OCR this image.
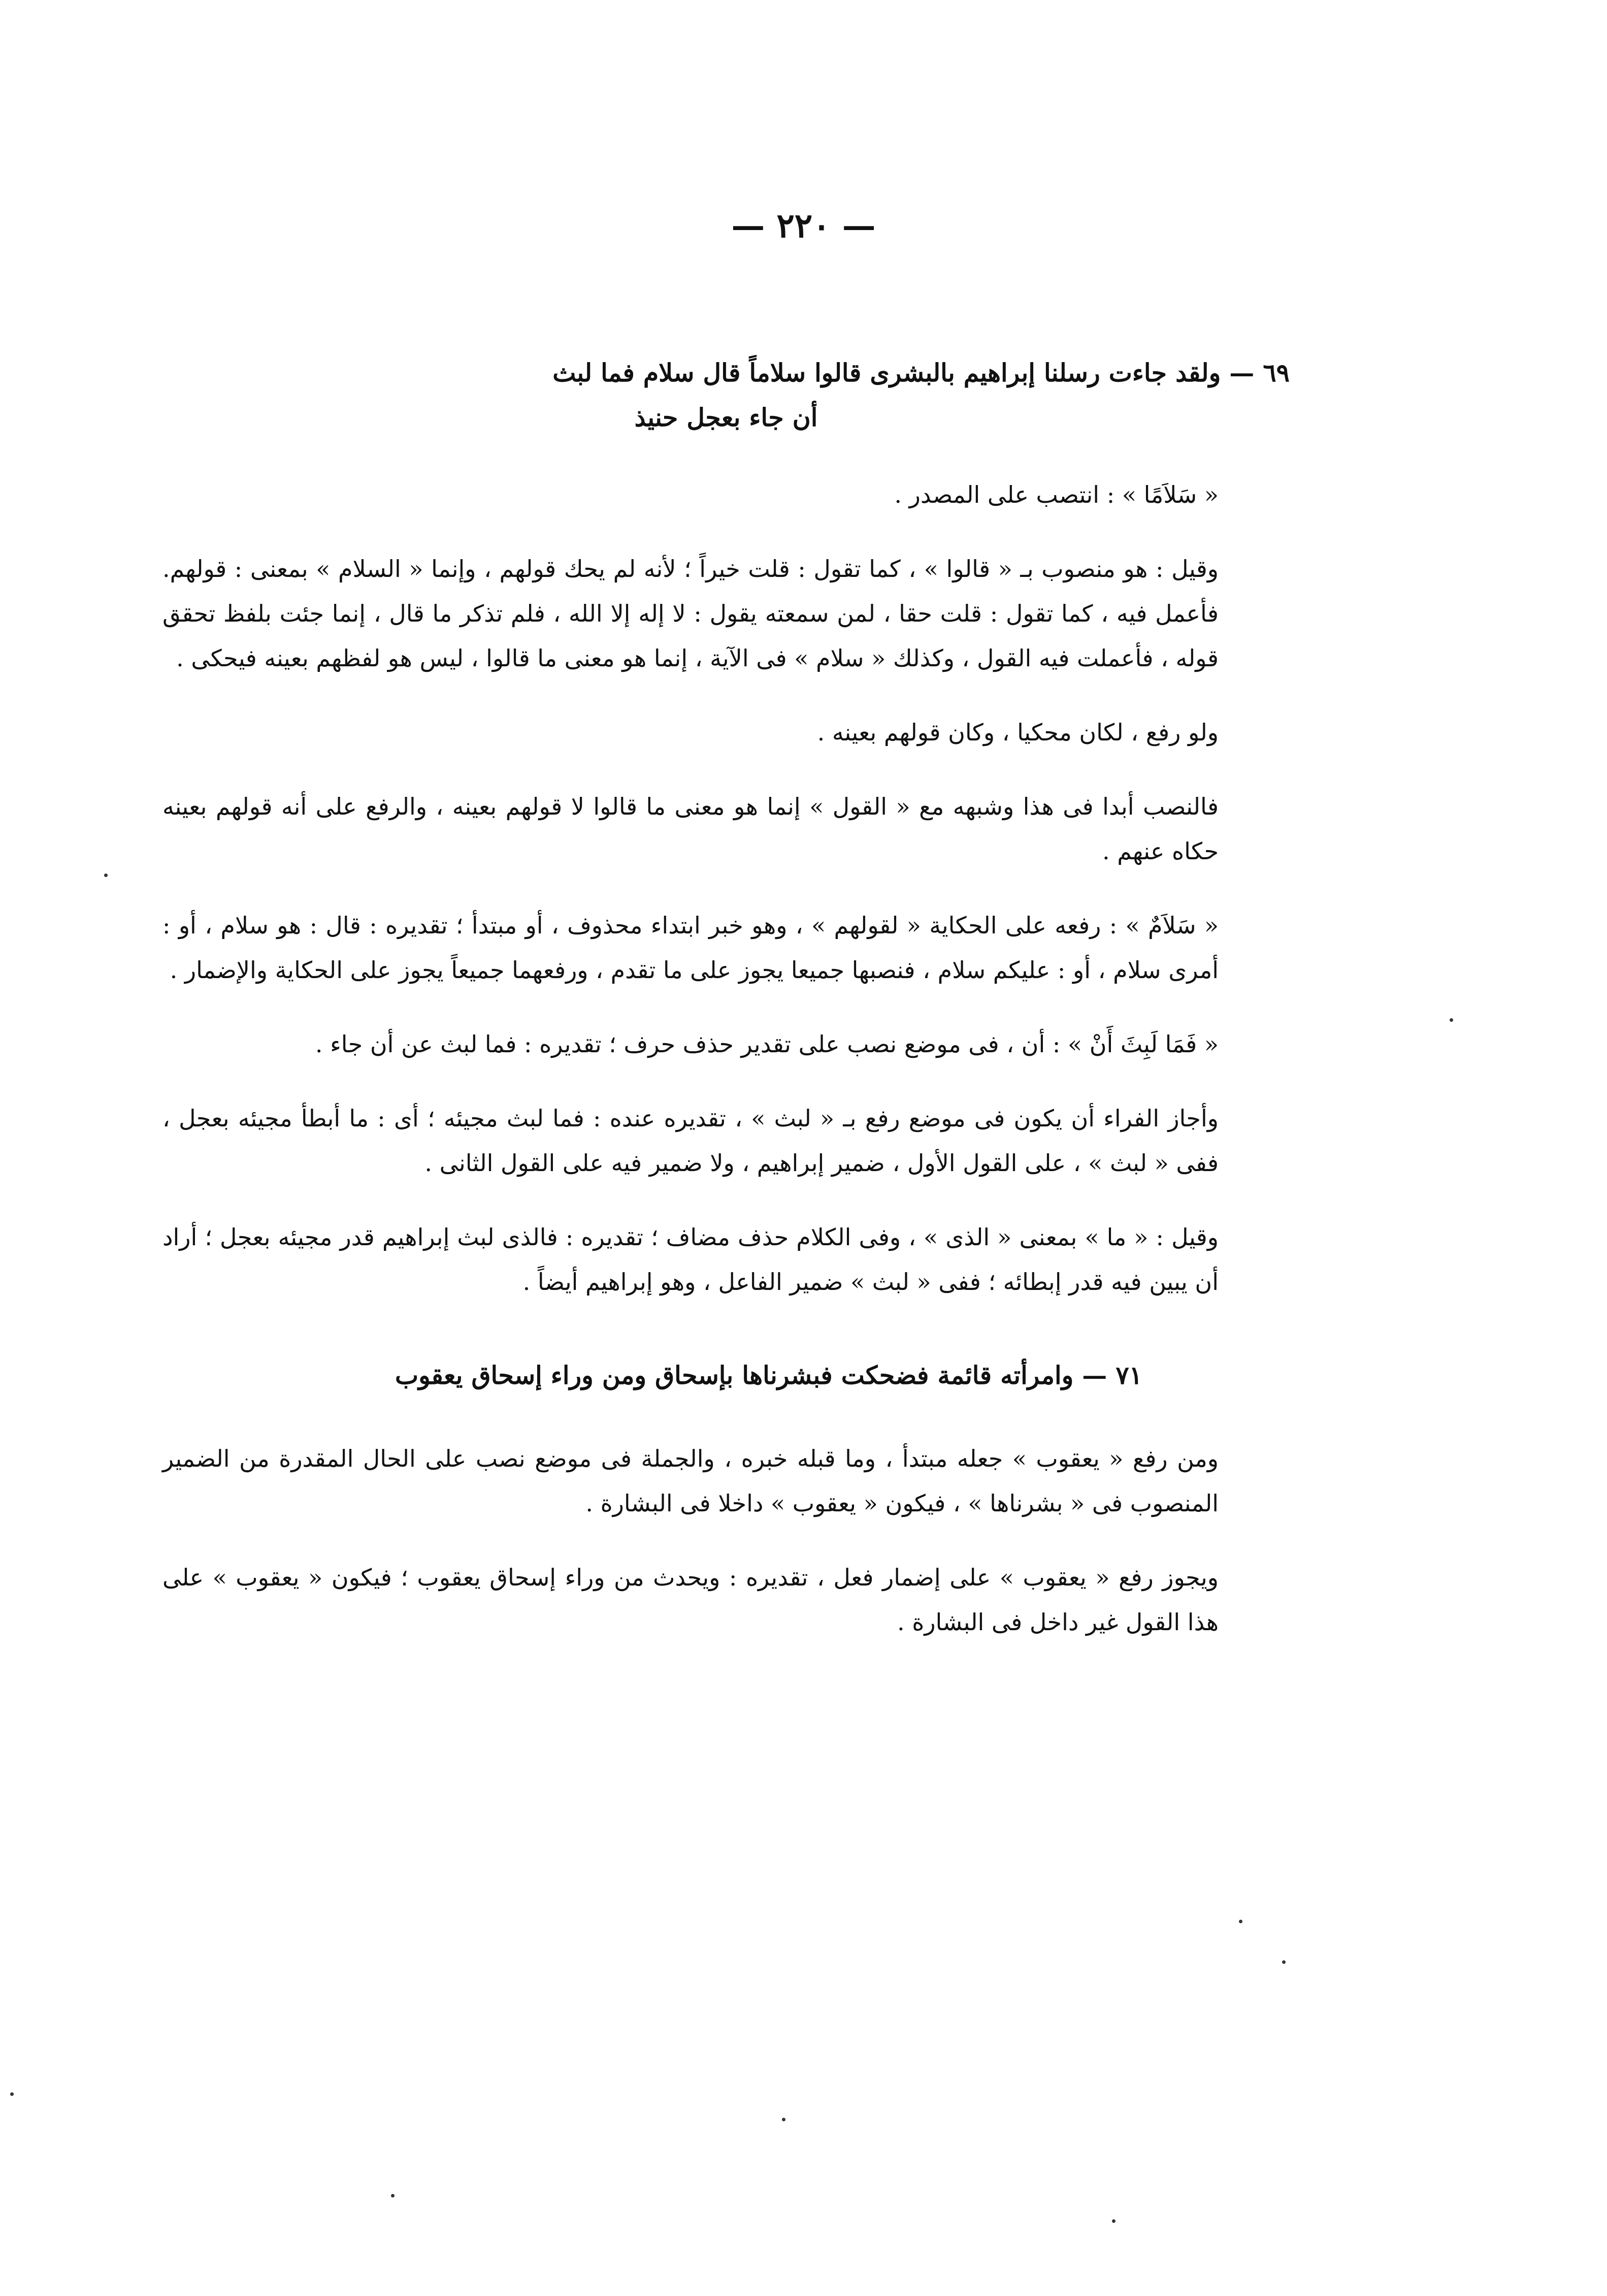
— ٢٢٠ —
٦٩ — ولقد جاءت رسلنا إبراهيم بالبشرى قالوا سلاماً قال سلام فما لبث
أن جاء بعجل حنيذ

« سَلاَمًا » : انتصب على المصدر .

وقيل : هو منصوب بـ « قالوا » ، كما تقول : قلت خيراً ؛ لأنه لم يحك قولهم ، وإنما « السلام » بمعنى : قولهم. فأعمل فيه ، كما تقول : قلت حقا ، لمن سمعته يقول : لا إله إلا الله ، فلم تذكر ما قال ، إنما جئت بلفظ تحقق قوله ، فأعملت فيه القول ، وكذلك « سلام » فى الآية ، إنما هو معنى ما قالوا ، ليس هو لفظهم بعينه فيحكى .

ولو رفع ، لكان محكيا ، وكان قولهم بعينه .

فالنصب أبدا فى هذا وشبهه مع « القول » إنما هو معنى ما قالوا لا قولهم بعينه ، والرفع على أنه قولهم بعينه حكاه عنهم .

« سَلاَمٌ » : رفعه على الحكاية « لقولهم » ، وهو خبر ابتداء محذوف ، أو مبتدأ ؛ تقديره : قال : هو سلام ، أو : أمرى سلام ، أو : عليكم سلام ، فنصبها جميعا يجوز على ما تقدم ، ورفعهما جميعاً يجوز على الحكاية والإضمار .

« فَمَا لَبِثَ أَنْ » : أن ، فى موضع نصب على تقدير حذف حرف ؛ تقديره : فما لبث عن أن جاء .

وأجاز الفراء أن يكون فى موضع رفع بـ « لبث » ، تقديره عنده : فما لبث مجيئه ؛ أى : ما أبطأ مجيئه بعجل ، ففى « لبث » ، على القول الأول ، ضمير إبراهيم ، ولا ضمير فيه على القول الثانى .

وقيل : « ما » بمعنى « الذى » ، وفى الكلام حذف مضاف ؛ تقديره : فالذى لبث إبراهيم قدر مجيئه بعجل ؛ أراد أن يبين فيه قدر إبطائه ؛ ففى « لبث » ضمير الفاعل ، وهو إبراهيم أيضاً .

٧١ — وامرأته قائمة فضحكت فبشرناها بإسحاق ومن وراء إسحاق يعقوب

ومن رفع « يعقوب » جعله مبتدأ ، وما قبله خبره ، والجملة فى موضع نصب على الحال المقدرة من الضمير المنصوب فى « بشرناها » ، فيكون « يعقوب » داخلا فى البشارة .

ويجوز رفع « يعقوب » على إضمار فعل ، تقديره : ويحدث من وراء إسحاق يعقوب ؛ فيكون « يعقوب » على هذا القول غير داخل فى البشارة .
